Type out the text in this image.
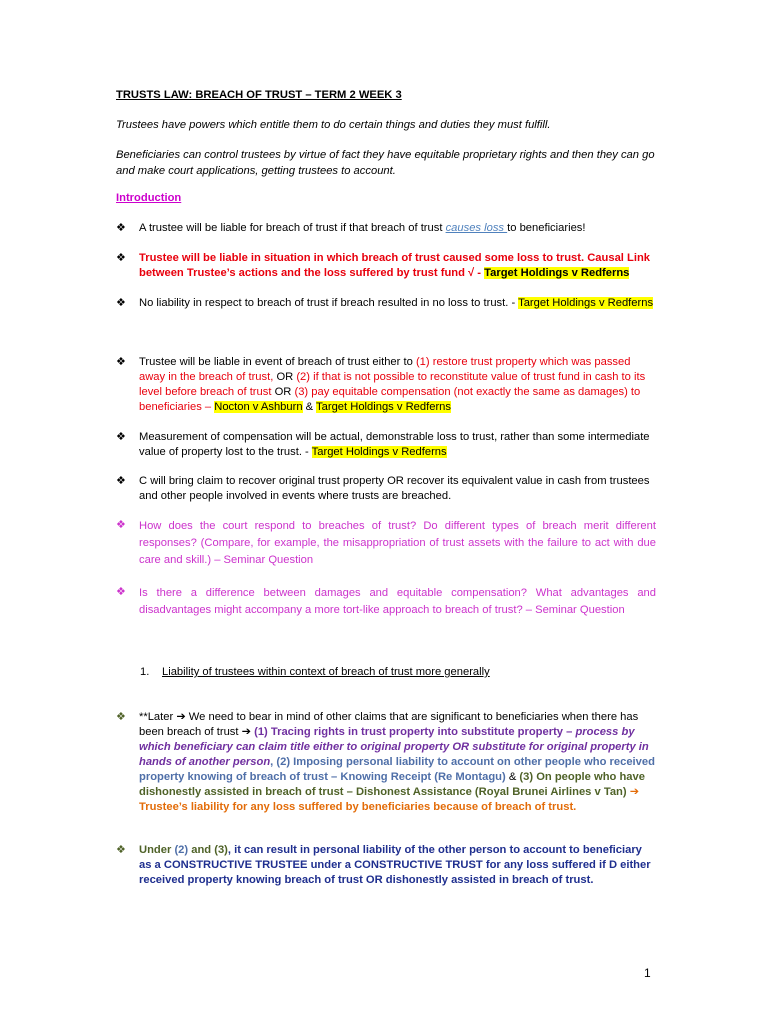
TRUSTS LAW: BREACH OF TRUST – TERM 2 WEEK 3
Trustees have powers which entitle them to do certain things and duties they must fulfill.
Beneficiaries can control trustees by virtue of fact they have equitable proprietary rights and then they can go and make court applications, getting trustees to account.
Introduction
❖	A trustee will be liable for breach of trust if that breach of trust causes loss to beneficiaries!
❖	Trustee will be liable in situation in which breach of trust caused some loss to trust. Causal Link between Trustee’s actions and the loss suffered by trust fund √ - Target Holdings v Redferns
❖	No liability in respect to breach of trust if breach resulted in no loss to trust. - Target Holdings v Redferns
❖	Trustee will be liable in event of breach of trust either to (1) restore trust property which was passed away in the breach of trust, OR (2) if that is not possible to reconstitute value of trust fund in cash to its level before breach of trust OR (3) pay equitable compensation (not exactly the same as damages) to beneficiaries – Nocton v Ashburn & Target Holdings v Redferns
❖	Measurement of compensation will be actual, demonstrable loss to trust, rather than some intermediate value of property lost to the trust. - Target Holdings v Redferns
❖	C will bring claim to recover original trust property OR recover its equivalent value in cash from trustees and other people involved in events where trusts are breached.
❖	How does the court respond to breaches of trust? Do different types of breach merit different responses? (Compare, for example, the misappropriation of trust assets with the failure to act with due care and skill.) – Seminar Question
❖	Is there a difference between damages and equitable compensation? What advantages and disadvantages might accompany a more tort-like approach to breach of trust? – Seminar Question
1. Liability of trustees within context of breach of trust more generally
❖	**Later ➔ We need to bear in mind of other claims that are significant to beneficiaries when there has been breach of trust ➔ (1) Tracing rights in trust property into substitute property – process by which beneficiary can claim title either to original property OR substitute for original property in hands of another person, (2) Imposing personal liability to account on other people who received property knowing of breach of trust – Knowing Receipt (Re Montagu) & (3) On people who have dishonestly assisted in breach of trust – Dishonest Assistance (Royal Brunei Airlines v Tan) ➔ Trustee’s liability for any loss suffered by beneficiaries because of breach of trust.
❖	Under (2) and (3), it can result in personal liability of the other person to account to beneficiary as a CONSTRUCTIVE TRUSTEE under a CONSTRUCTIVE TRUST for any loss suffered if D either received property knowing breach of trust OR dishonestly assisted in breach of trust.
1
